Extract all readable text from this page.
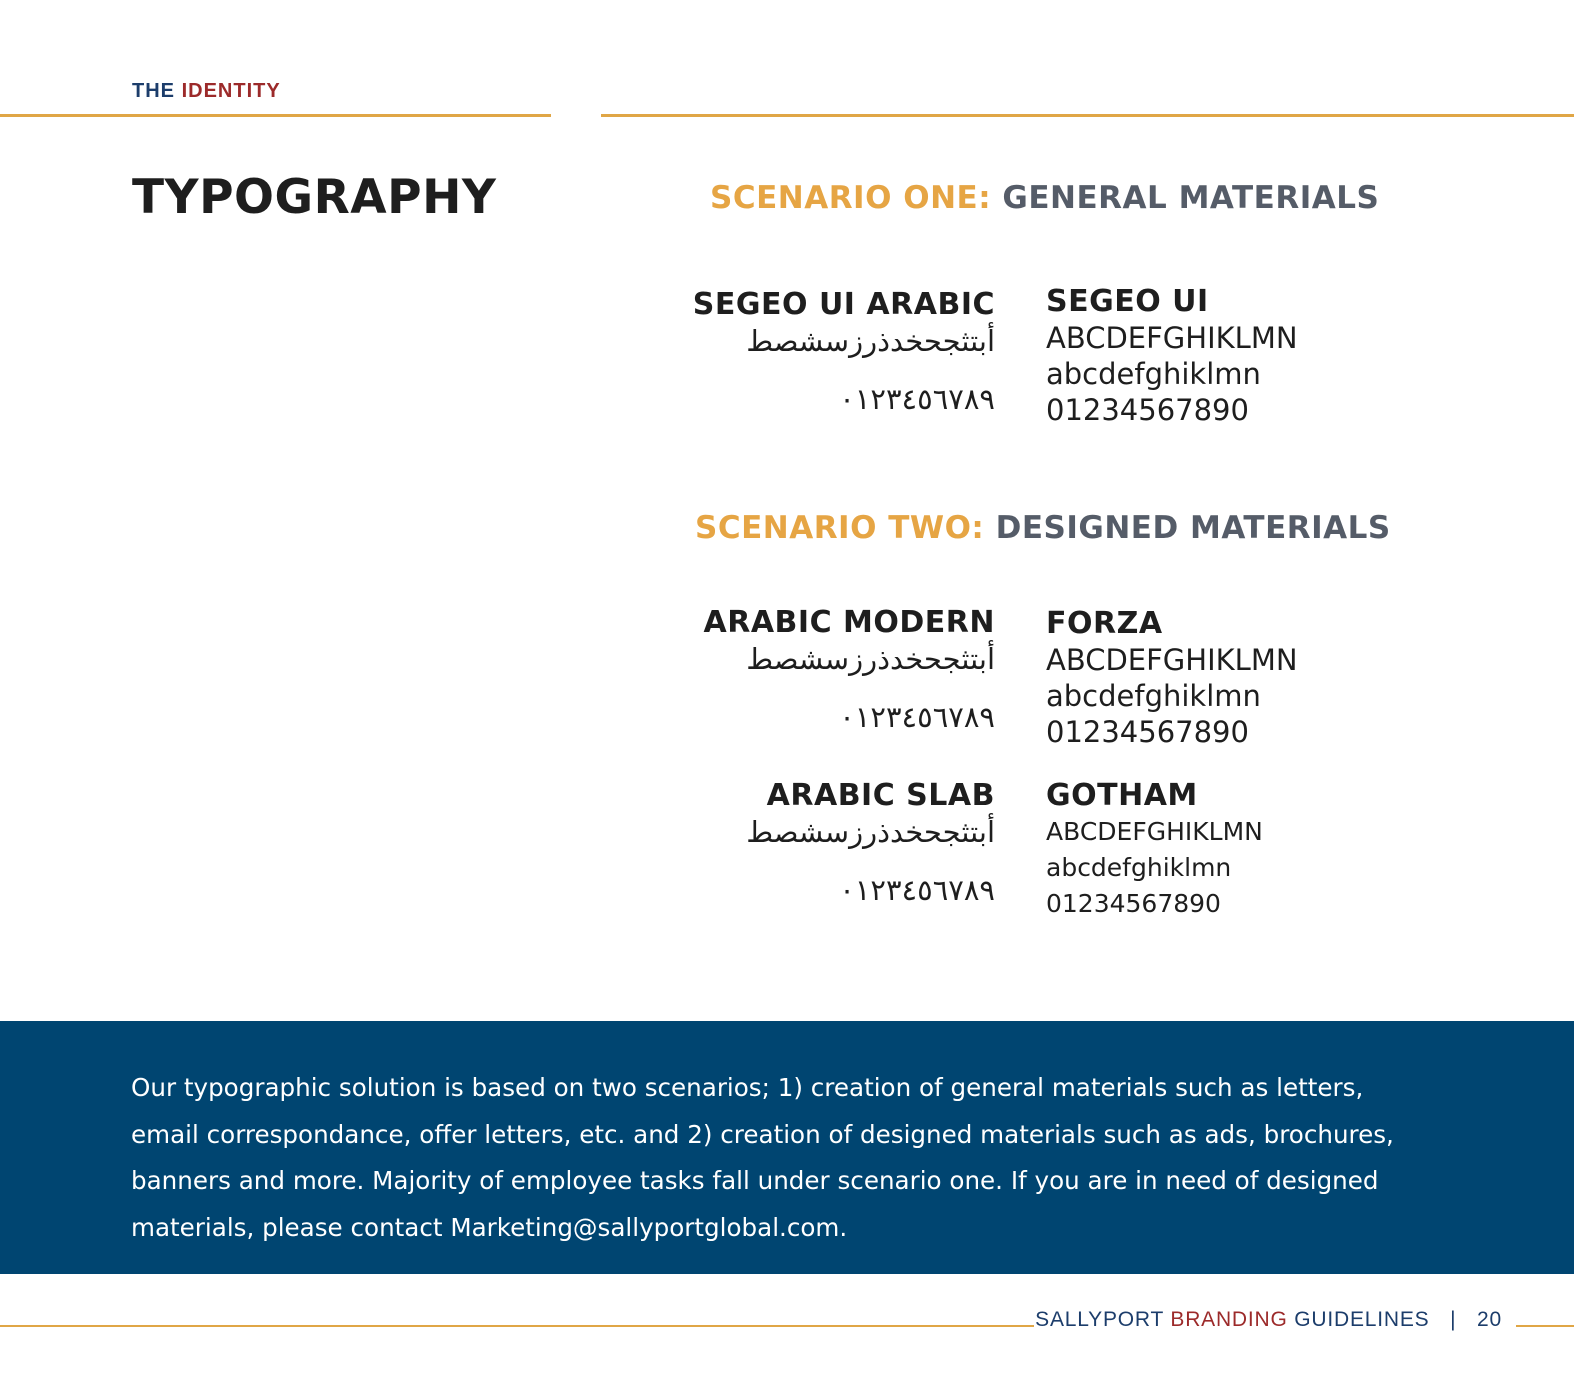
THE IDENTITY
TYPOGRAPHY	SCENARIO ONE: GENERAL MATERIALS
SEGEO UI ARABIC
أبتثجحخدذرزسشصط
٠١٢٣٤٥٦٧٨٩
SEGEO UI
ABCDEFGHIKLMN
abcdefghiklmn
01234567890
SCENARIO TWO: DESIGNED MATERIALS
ARABIC MODERN
أبتثجحخدذرزسشصط
٠١٢٣٤٥٦٧٨٩
FORZA
ABCDEFGHIKLMN
abcdefghiklmn
01234567890
ARABIC SLAB
أبتثجحخدذرزسشصط
٠١٢٣٤٥٦٧٨٩
GOTHAM
ABCDEFGHIKLMN
abcdefghiklmn
01234567890

Our typographic solution is based on two scenarios; 1) creation of general materials such as letters, email correspondance, offer letters, etc. and 2) creation of designed materials such as ads, brochures, banners and more. Majority of employee tasks fall under scenario one. If you are in need of designed materials, please contact Marketing@sallyportglobal.com.

SALLYPORT BRANDING GUIDELINES | 20
